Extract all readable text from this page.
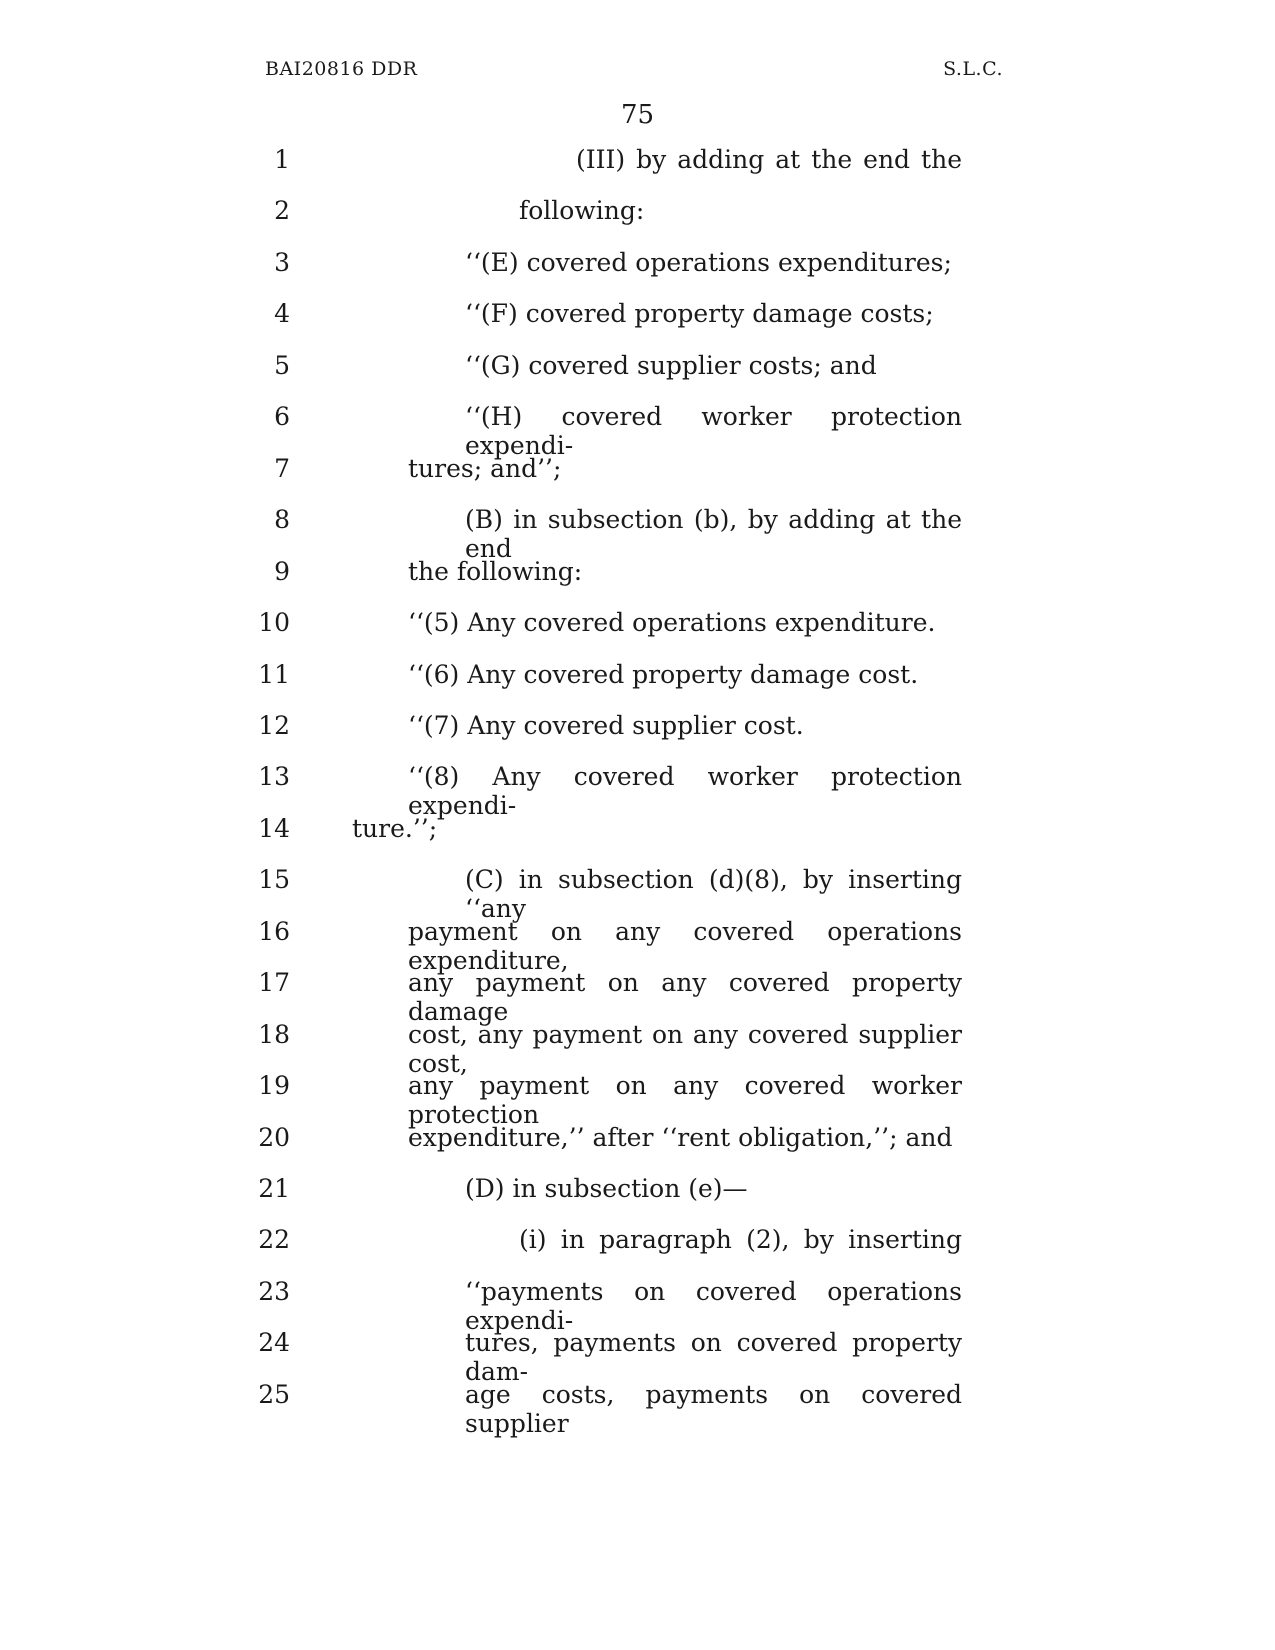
BAI20816 DDR	S.L.C.
75
1	(III) by adding at the end the
2	following:
3	‘‘(E) covered operations expenditures;
4	‘‘(F) covered property damage costs;
5	‘‘(G) covered supplier costs; and
6	‘‘(H) covered worker protection expendi-
7	tures; and’’;
8	(B) in subsection (b), by adding at the end
9	the following:
10	‘‘(5) Any covered operations expenditure.
11	‘‘(6) Any covered property damage cost.
12	‘‘(7) Any covered supplier cost.
13	‘‘(8) Any covered worker protection expendi-
14 ture.’’;
15	(C) in subsection (d)(8), by inserting ‘‘any
16	payment on any covered operations expenditure,
17	any payment on any covered property damage
18	cost, any payment on any covered supplier cost,
19	any payment on any covered worker protection
20	expenditure,’’ after ‘‘rent obligation,’’; and
21	(D) in subsection (e)—
22	(i) in paragraph (2), by inserting
23	‘‘payments on covered operations expendi-
24	tures, payments on covered property dam-
25	age costs, payments on covered supplier
